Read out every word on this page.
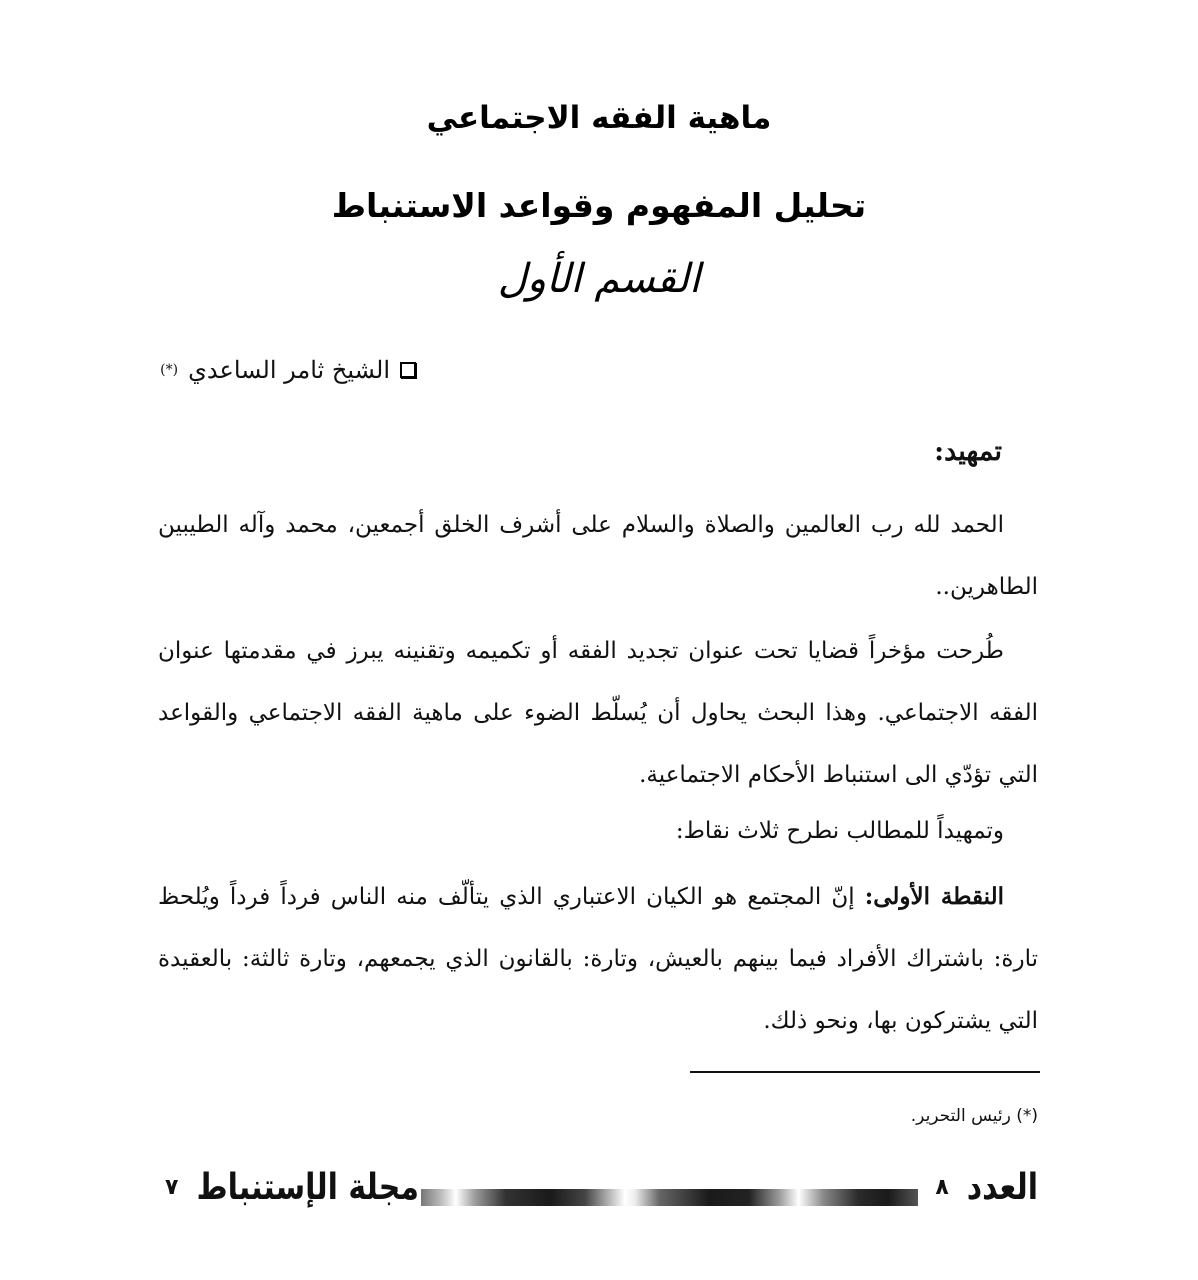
ماهية الفقه الاجتماعي
تحليل المفهوم وقواعد الاستنباط
القسم الأول
الشيخ ثامر الساعدي
(*)
تمهيد:
الحمد لله رب العالمين والصلاة والسلام على أشرف الخلق أجمعين، محمد وآله الطيبين الطاهرين..
طُرحت مؤخراً قضايا تحت عنوان تجديد الفقه أو تكميمه وتقنينه يبرز في مقدمتها عنوان الفقه الاجتماعي. وهذا البحث يحاول أن يُسلّط الضوء على ماهية الفقه الاجتماعي والقواعد التي تؤدّي الى استنباط الأحكام الاجتماعية.
وتمهيداً للمطالب نطرح ثلاث نقاط:
النقطة الأولى: إنّ المجتمع هو الكيان الاعتباري الذي يتألّف منه الناس فرداً فرداً ويُلحظ تارة: باشتراك الأفراد فيما بينهم بالعيش، وتارة: بالقانون الذي يجمعهم، وتارة ثالثة: بالعقيدة التي يشتركون بها، ونحو ذلك.
(*) رئيس التحرير.
العدد
٨
٧ مجلة الإستنباط
